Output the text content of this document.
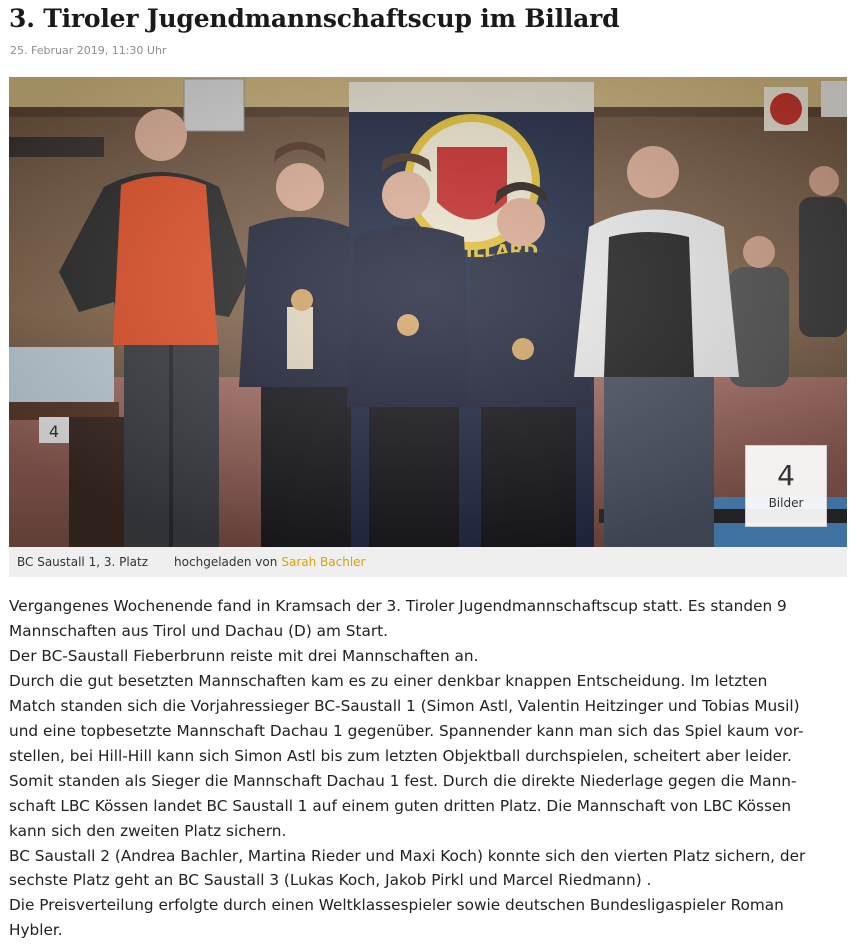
3. Tiroler Jugendmannschaftscup im Billard
25. Februar 2019, 11:30 Uhr
4
Bilder
BC Saustall 1, 3. Platz hochgeladen von Sarah Bachler

Vergangenes Wochenende fand in Kramsach der 3. Tiroler Jugendmannschaftscup statt. Es standen 9

Mannschaften aus Tirol und Dachau (D) am Start.

Der BC-Saustall Fieberbrunn reiste mit drei Mannschaften an.

Durch die gut besetzten Mannschaften kam es zu einer denkbar knappen Entscheidung. Im letzten

Match standen sich die Vorjahressieger BC-Saustall 1 (Simon Astl, Valentin Heitzinger und Tobias Musil)

und eine topbesetzte Mannschaft Dachau 1 gegenüber. Spannender kann man sich das Spiel kaum vor-

stellen, bei Hill-Hill kann sich Simon Astl bis zum letzten Objektball durchspielen, scheitert aber leider.

Somit standen als Sieger die Mannschaft Dachau 1 fest. Durch die direkte Niederlage gegen die Mann-

schaft LBC Kössen landet BC Saustall 1 auf einem guten dritten Platz. Die Mannschaft von LBC Kössen

kann sich den zweiten Platz sichern.

BC Saustall 2 (Andrea Bachler, Martina Rieder und Maxi Koch) konnte sich den vierten Platz sichern, der

sechste Platz geht an BC Saustall 3 (Lukas Koch, Jakob Pirkl und Marcel Riedmann) .

Die Preisverteilung erfolgte durch einen Weltklassespieler sowie deutschen Bundesligaspieler Roman

Hybler.
